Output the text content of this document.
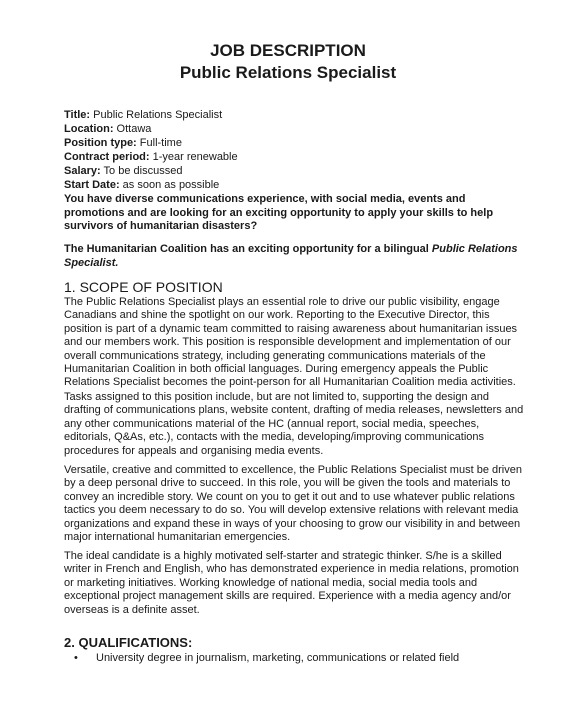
JOB DESCRIPTION
Public Relations Specialist
Title: Public Relations Specialist
Location: Ottawa
Position type: Full-time
Contract period: 1-year renewable
Salary: To be discussed
Start Date: as soon as possible
You have diverse communications experience, with social media, events and promotions and are looking for an exciting opportunity to apply your skills to help survivors of humanitarian disasters?
The Humanitarian Coalition has an exciting opportunity for a bilingual Public Relations Specialist.
1. SCOPE OF POSITION
The Public Relations Specialist plays an essential role to drive our public visibility, engage Canadians and shine the spotlight on our work. Reporting to the Executive Director, this position is part of a dynamic team committed to raising awareness about humanitarian issues and our members work. This position is responsible development and implementation of our overall communications strategy, including generating communications materials of the Humanitarian Coalition in both official languages. During emergency appeals the Public Relations Specialist becomes the point-person for all Humanitarian Coalition media activities.
Tasks assigned to this position include, but are not limited to, supporting the design and drafting of communications plans, website content, drafting of media releases, newsletters and any other communications material of the HC (annual report, social media, speeches, editorials, Q&As, etc.), contacts with the media, developing/improving communications procedures for appeals and organising media events.
Versatile, creative and committed to excellence, the Public Relations Specialist must be driven by a deep personal drive to succeed. In this role, you will be given the tools and materials to convey an incredible story. We count on you to get it out and to use whatever public relations tactics you deem necessary to do so. You will develop extensive relations with relevant media organizations and expand these in ways of your choosing to grow our visibility in and between major international humanitarian emergencies.
The ideal candidate is a highly motivated self-starter and strategic thinker. S/he is a skilled writer in French and English, who has demonstrated experience in media relations, promotion or marketing initiatives. Working knowledge of national media, social media tools and exceptional project management skills are required. Experience with a media agency and/or overseas is a definite asset.
2. QUALIFICATIONS:
• University degree in journalism, marketing, communications or related field
